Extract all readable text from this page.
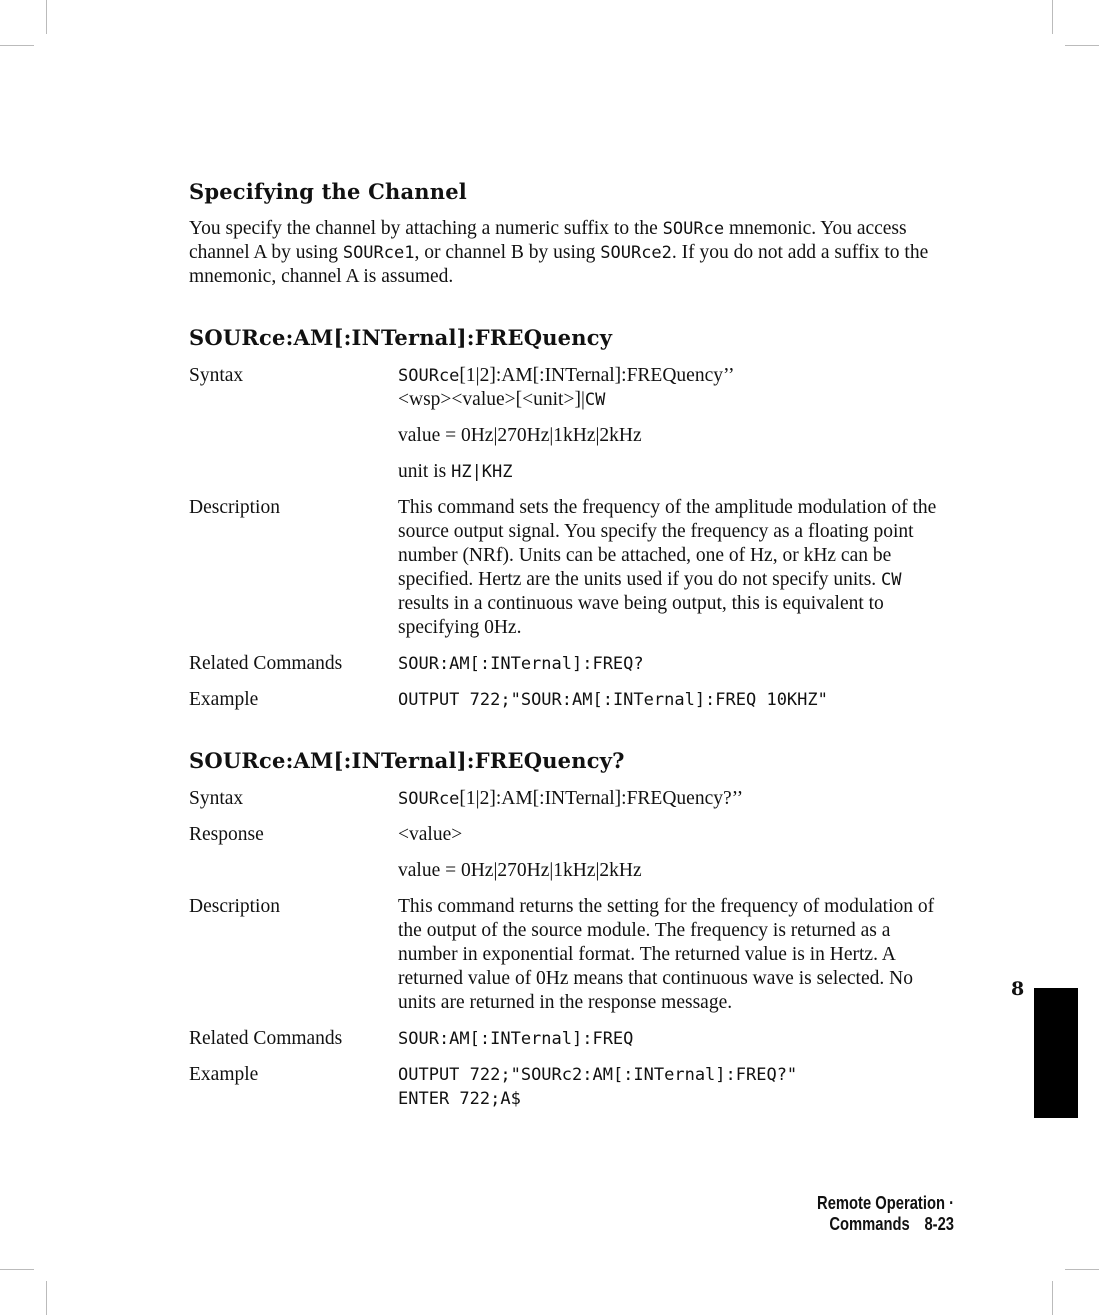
Specifying the Channel

You specify the channel by attaching a numeric suffix to the SOURce mnemonic. You access channel A by using SOURce1, or channel B by using SOURce2. If you do not add a suffix to the mnemonic, channel A is assumed.

SOURce:AM[:INTernal]:FREQuency
Syntax	SOURce[1|2]:AM[:INTernal]:FREQuency’’

<wsp><value>[<unit>]|CW

value = 0Hz|270Hz|1kHz|2kHz
unit is HZ|KHZ
Description	This command sets the frequency of the amplitude modulation of the source output signal. You specify the frequency as a floating point number (NRf). Units can be attached, one of Hz, or kHz can be specified. Hertz are the units used if you do not specify units. CW results in a continuous wave being output, this is equivalent to specifying 0Hz.
Related Commands	SOUR:AM[:INTernal]:FREQ?
Example	OUTPUT 722;"SOUR:AM[:INTernal]:FREQ 10KHZ"
SOURce:AM[:INTernal]:FREQuency?
Syntax	SOURce[1|2]:AM[:INTernal]:FREQuency?’’
Response	<value>
value = 0Hz|270Hz|1kHz|2kHz
Description	This command returns the setting for the frequency of modulation of the output of the source module. The frequency is returned as a number in exponential format. The returned value is in Hertz. A returned value of 0Hz means that continuous wave is selected. No units are returned in the response message.
Related Commands	SOUR:AM[:INTernal]:FREQ
Example	OUTPUT 722;"SOURc2:AM[:INTernal]:FREQ?"

ENTER 722;A$

8
Remote Operation · Commands 8-23
